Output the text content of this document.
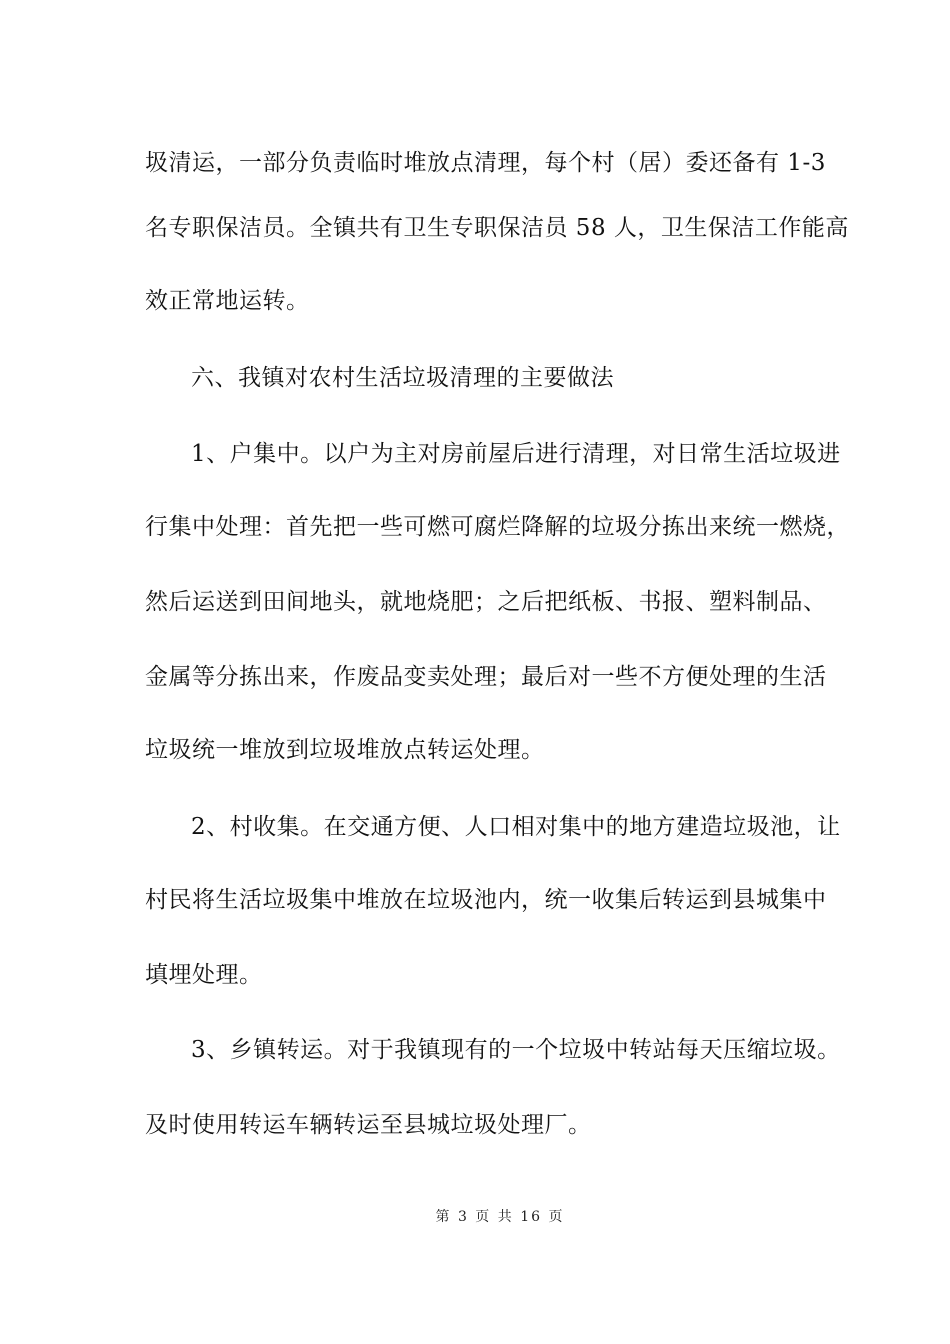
圾清运，一部分负责临时堆放点清理，每个村（居）委还备有 1-3
名专职保洁员。全镇共有卫生专职保洁员 58 人，卫生保洁工作能高
效正常地运转。
六、我镇对农村生活垃圾清理的主要做法
1、户集中。以户为主对房前屋后进行清理，对日常生活垃圾进
行集中处理：首先把一些可燃可腐烂降解的垃圾分拣出来统一燃烧，
然后运送到田间地头，就地烧肥；之后把纸板、书报、塑料制品、
金属等分拣出来，作废品变卖处理；最后对一些不方便处理的生活
垃圾统一堆放到垃圾堆放点转运处理。
2、村收集。在交通方便、人口相对集中的地方建造垃圾池，让
村民将生活垃圾集中堆放在垃圾池内，统一收集后转运到县城集中
填埋处理。
3、乡镇转运。对于我镇现有的一个垃圾中转站每天压缩垃圾。
及时使用转运车辆转运至县城垃圾处理厂。
第 3 页 共 16 页
